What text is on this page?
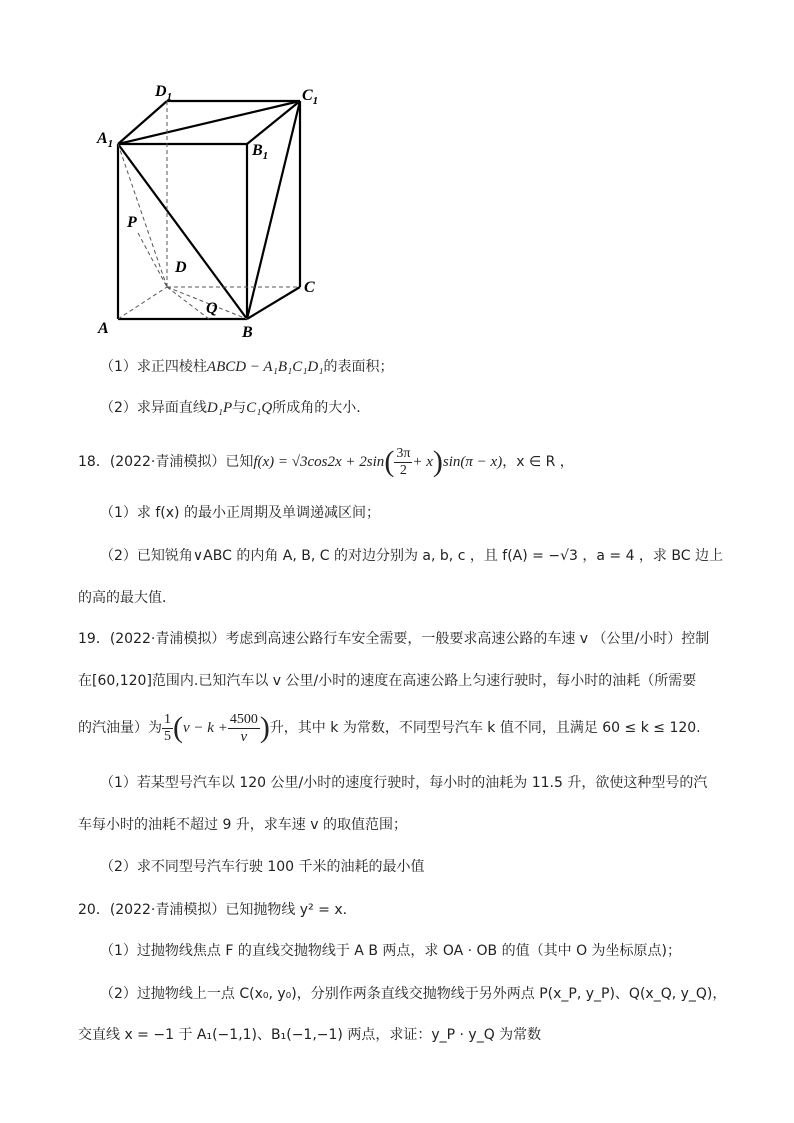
$D_1$	$C_1$
$A_1$	$B_1$
P
D
C
Q
A	B
（1）求正四棱柱ABCD − A₁B₁C₁D₁的表面积；
（2）求异面直线D₁P与C₁Q所成角的大小.
18．(2022·青浦模拟）已知$f(x) = √3\cos 2x + 2\sin( \frac{3\pi}{2} + x)\sin(\pi - x)$，x ∈ R ，
（1）求 f(x) 的最小正周期及单调递减区间；
（2）已知锐角∨ABC 的内角 A, B, C 的对边分别为 a, b, c ，且 f(A) = −√3 ，a = 4 ，求 BC 边上
的高的最大值．
19．(2022·青浦模拟）考虑到高速公路行车安全需要，一般要求高速公路的车速 v （公里/小时）控制
在[60,120]范围内.已知汽车以 v 公里/小时的速度在高速公路上匀速行驶时，每小时的油耗（所需要
的汽油量）为 $\frac{1}{5} (v - k + \frac{4500}{v}$ )升，其中 k 为常数，不同型号汽车 k 值不同，且满足 60 ≤ k ≤ 120.
（1）若某型号汽车以 120 公里/小时的速度行驶时，每小时的油耗为 11.5 升，欲使这种型号的汽
车每小时的油耗不超过 9 升，求车速 v 的取值范围；
（2）求不同型号汽车行驶 100 千米的油耗的最小值
20．(2022·青浦模拟）已知抛物线 y² = x.
（1）过抛物线焦点 F 的直线交抛物线于 A B 两点，求 OA · OB 的值（其中 O 为坐标原点)；
（2）过抛物线上一点 C(x₀, y₀)，分别作两条直线交抛物线于另外两点 P(x_P, y_P)、Q(x_Q, y_Q)，
交直线 x = −1 于 A₁(−1,1)、B₁(−1,−1) 两点，求证：y_P · y_Q 为常数
